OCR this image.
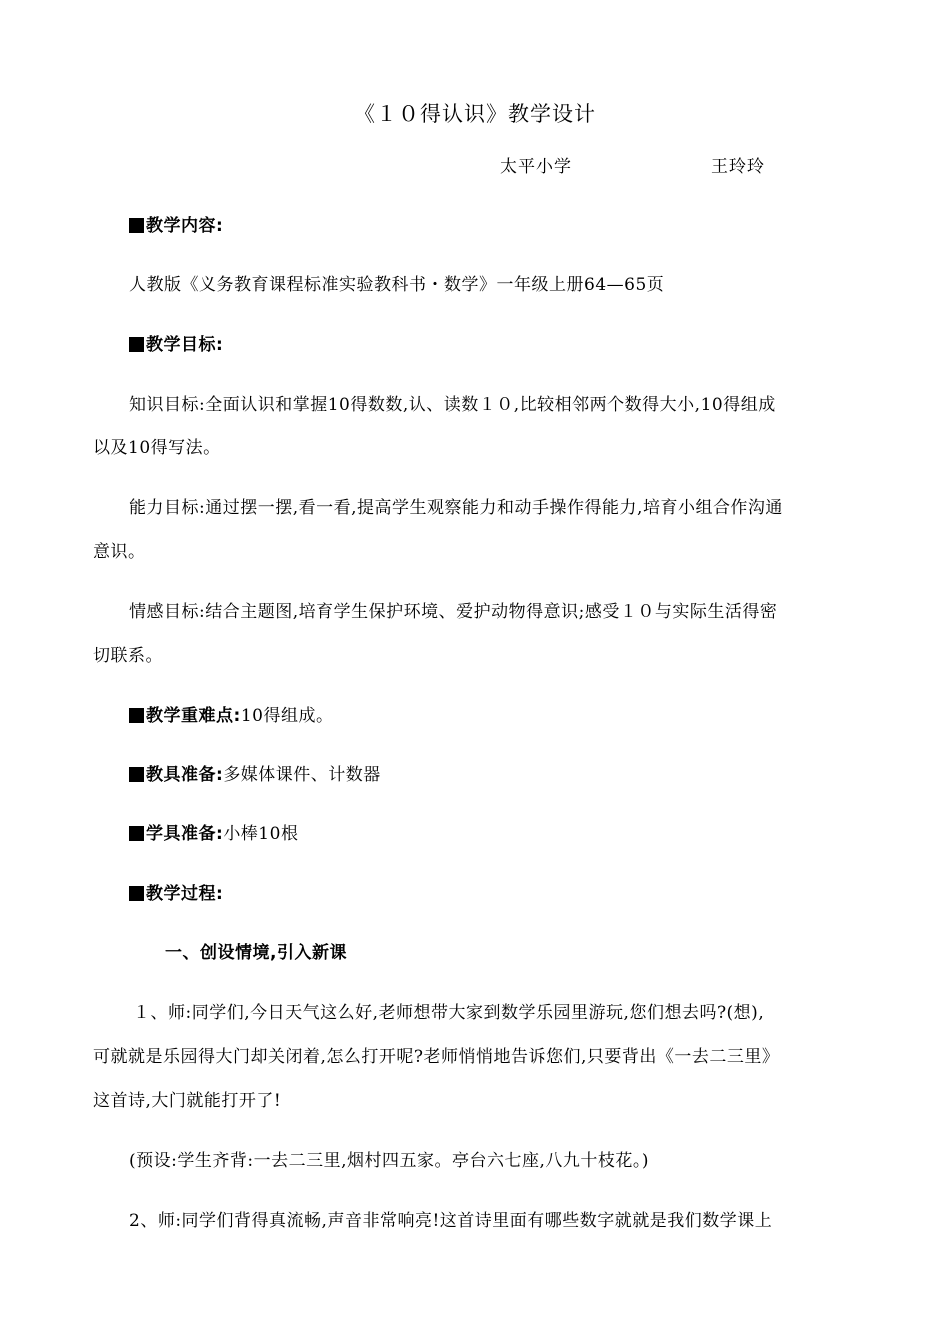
《１０得认识》教学设计
太平小学	王玲玲
教学内容:
人教版《义务教育课程标准实验教科书・数学》一年级上册64—65页
教学目标:
知识目标:全面认识和掌握10得数数,认、读数１０,比较相邻两个数得大小,10得组成
以及10得写法。
能力目标:通过摆一摆,看一看,提高学生观察能力和动手操作得能力,培育小组合作沟通
意识。
情感目标:结合主题图,培育学生保护环境、爱护动物得意识;感受１０与实际生活得密
切联系。
教学重难点:10得组成。
教具准备:多媒体课件、计数器
学具准备:小棒10根
教学过程:
一、创设情境,引入新课
１、师:同学们,今日天气这么好,老师想带大家到数学乐园里游玩,您们想去吗?(想),
可就就是乐园得大门却关闭着,怎么打开呢?老师悄悄地告诉您们,只要背出《一去二三里》
这首诗,大门就能打开了!
(预设:学生齐背:一去二三里,烟村四五家。亭台六七座,八九十枝花。)
2、师:同学们背得真流畅,声音非常响亮!这首诗里面有哪些数字就就是我们数学课上
